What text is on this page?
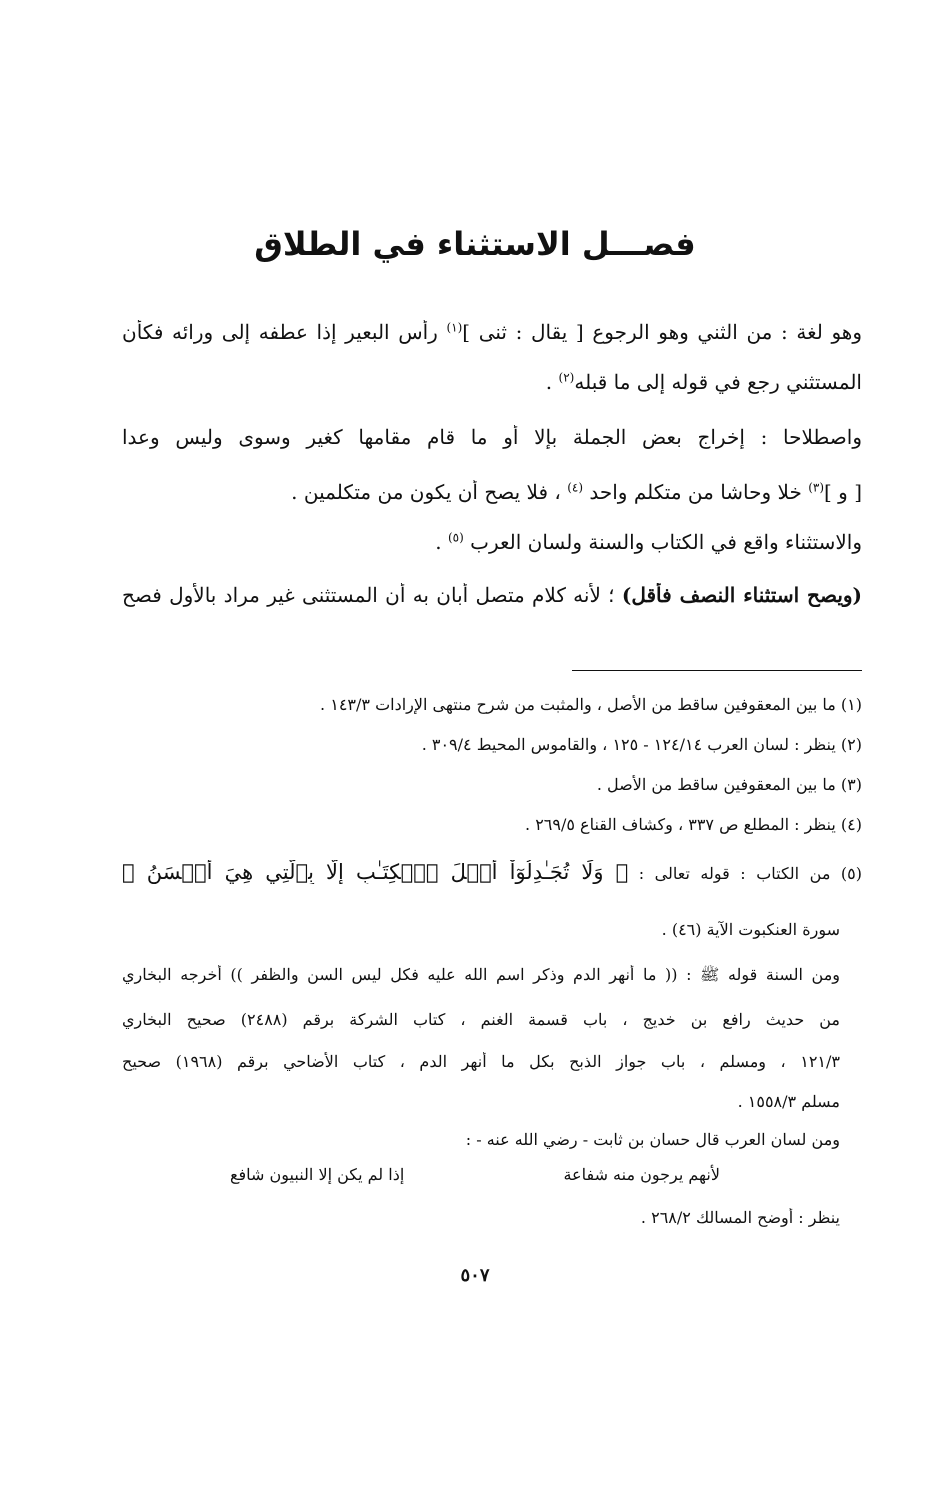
فصـــل الاستثناء في الطلاق
وهو لغة : من الثني وهو الرجوع [ يقال : ثنى ]$^{(١)}$ رأس البعير إذا عطفه إلى ورائه فكأن
المستثني رجع في قوله إلى ما قبله$^{(٢)}$ .
واصطلاحا : إخراج بعض الجملة بإلا أو ما قام مقامها كغير وسوى وليس وعدا
[ و ]$^{(٣)}$ خلا وحاشا من متكلم واحد $^{(٤)}$ ، فلا يصح أن يكون من متكلمين .
والاستثناء واقع في الكتاب والسنة ولسان العرب $^{(٥)}$ .
(ويصح استثناء النصف فأقل) ؛ لأنه كلام متصل أبان به أن المستثنى غير مراد بالأول فصح
(١) ما بين المعقوفين ساقط من الأصل ، والمثبت من شرح منتهى الإرادات ١٤٣/٣ .
(٢) ينظر : لسان العرب ١٢٤/١٤ - ١٢٥ ، والقاموس المحيط ٣٠٩/٤ .
(٣) ما بين المعقوفين ساقط من الأصل .
(٤) ينظر : المطلع ص ٣٣٧ ، وكشاف القناع ٢٦٩/٥ .
(٥) من الكتاب : قوله تعالى : ﴿ وَلَا تُجَـٰدِلُوٓاْ أَهۡلَ ٱلۡكِتَـٰبِ إِلَّا بِٱلَّتِي هِيَ أَحۡسَنُ ﴾
سورة العنكبوت الآية (٤٦) .
ومن السنة قوله ﷺ : (( ما أنهر الدم وذكر اسم الله عليه فكل ليس السن والظفر )) أخرجه البخاري
من حديث رافع بن خديج ، باب قسمة الغنم ، كتاب الشركة برقم (٢٤٨٨) صحيح البخاري
١٢١/٣ ، ومسلم ، باب جواز الذبح بكل ما أنهر الدم ، كتاب الأضاحي برقم (١٩٦٨) صحيح
مسلم ١٥٥٨/٣ .
ومن لسان العرب قال حسان بن ثابت - رضي الله عنه - :
لأنهم يرجون منه شفاعة
إذا لم يكن إلا النبيون شافع
ينظر : أوضح المسالك ٢٦٨/٢ .
٥٠٧
